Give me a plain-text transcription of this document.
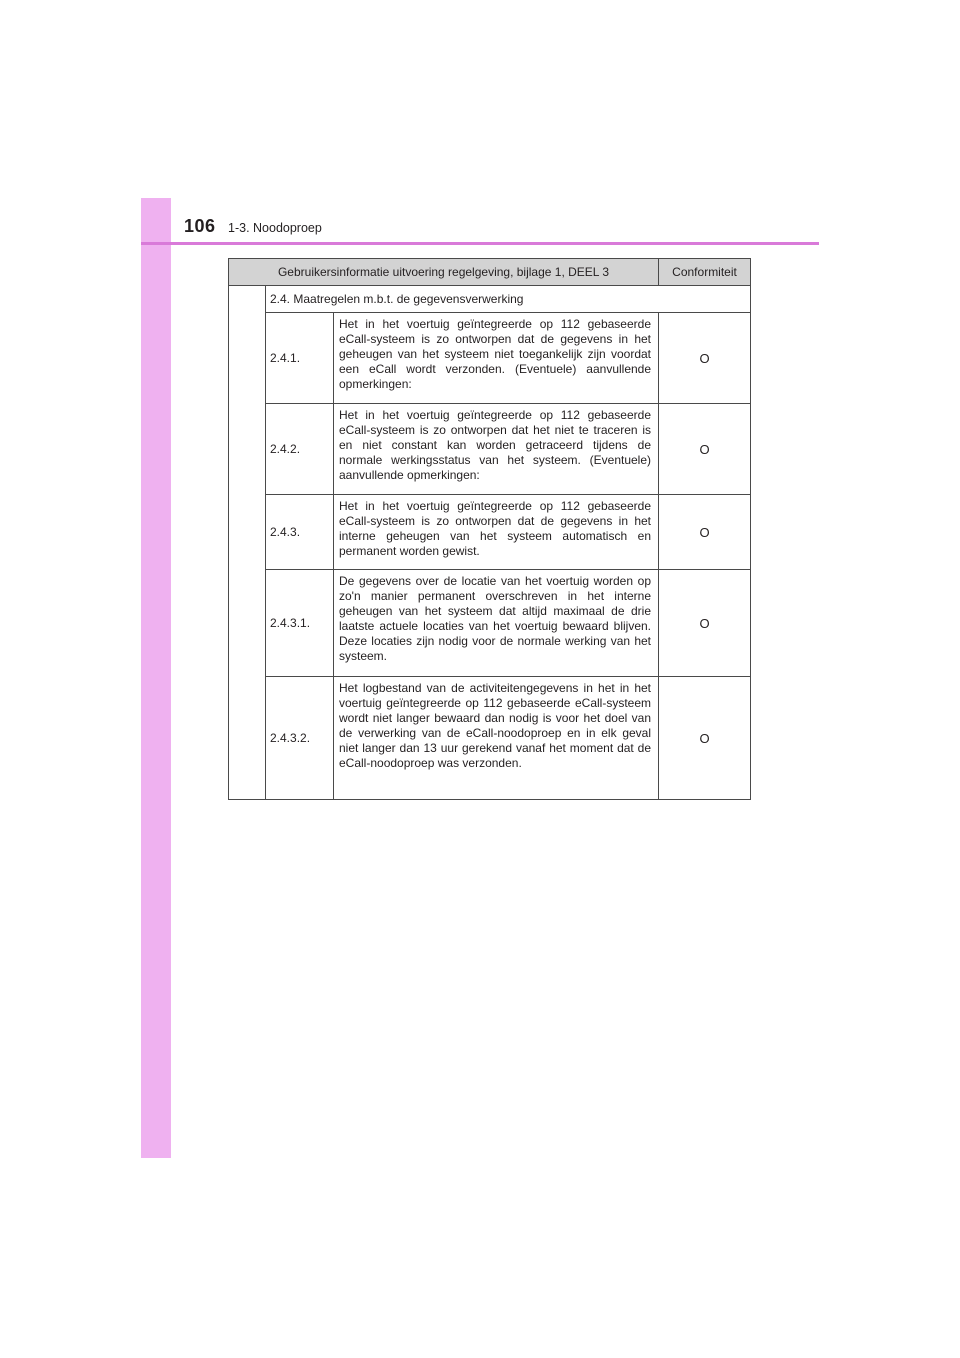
106 1-3. Noodoproep
Gebruikersinformatie uitvoering regelgeving, bijlage 1, DEEL 3			Conformiteit
	2.4. Maatregelen m.b.t. de gegevensverwerking		
	2.4.1.	Het in het voertuig geïntegreerde op 112 gebaseerde eCall-systeem is zo ontworpen dat de gegevens in het geheugen van het systeem niet toegankelijk zijn voordat een eCall wordt verzonden. (Eventuele) aanvullende opmerkingen:	O
	2.4.2.	Het in het voertuig geïntegreerde op 112 gebaseerde eCall-systeem is zo ontworpen dat het niet te traceren is en niet constant kan worden getraceerd tijdens de normale werkingsstatus van het systeem. (Eventuele) aanvullende opmerkingen:	O
	2.4.3.	Het in het voertuig geïntegreerde op 112 gebaseerde eCall-systeem is zo ontworpen dat de gegevens in het interne geheugen van het systeem automatisch en permanent worden gewist.	O
	2.4.3.1.	De gegevens over de locatie van het voertuig worden op zo'n manier permanent overschreven in het interne geheugen van het systeem dat altijd maximaal de drie laatste actuele locaties van het voertuig bewaard blijven. Deze locaties zijn nodig voor de normale werking van het systeem.	O
	2.4.3.2.	Het logbestand van de activiteitengegevens in het in het voertuig geïntegreerde op 112 gebaseerde eCall-systeem wordt niet langer bewaard dan nodig is voor het doel van de verwerking van de eCall-noodoproep en in elk geval niet langer dan 13 uur gerekend vanaf het moment dat de eCall-noodoproep was verzonden.	O
